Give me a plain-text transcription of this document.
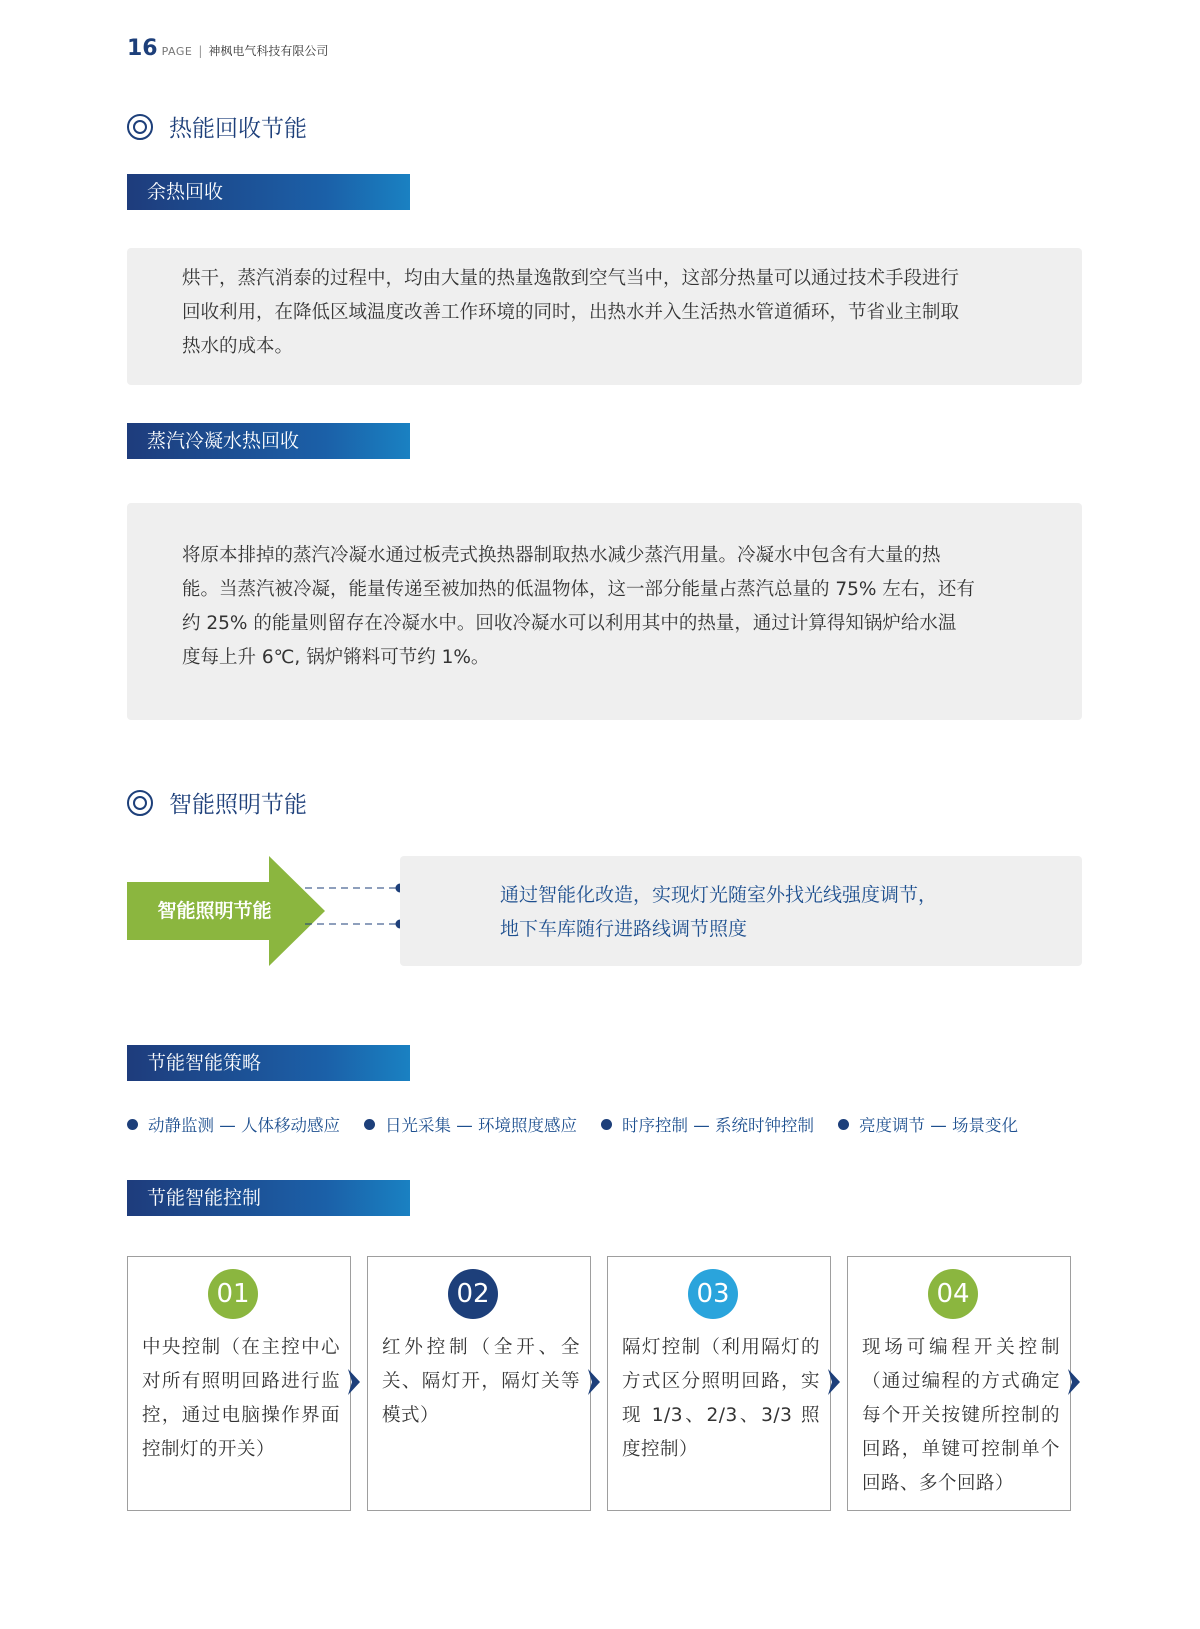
16 PAGE | 神枫电气科技有限公司
热能回收节能
余热回收
烘干，蒸汽消泰的过程中，均由大量的热量逸散到空气当中，这部分热量可以通过技术手段进行
回收利用，在降低区域温度改善工作环境的同时，出热水并入生活热水管道循环，节省业主制取
热水的成本。
蒸汽冷凝水热回收
将原本排掉的蒸汽冷凝水通过板壳式换热器制取热水减少蒸汽用量。冷凝水中包含有大量的热
能。当蒸汽被冷凝，能量传递至被加热的低温物体，这一部分能量占蒸汽总量的 75% 左右，还有
约 25% 的能量则留存在冷凝水中。回收冷凝水可以利用其中的热量，通过计算得知锅炉给水温
度每上升 6℃, 锅炉锵料可节约 1%。
智能照明节能
智能照明节能
通过智能化改造，实现灯光随室外找光线强度调节，
地下车库随行进路线调节照度
节能智能策略
动静监测 — 人体移动感应	日光采集 — 环境照度感应	时序控制 — 系统时钟控制	亮度调节 — 场景变化
节能智能控制
01
中央控制（在主控中心对所有照明回路进行监控，通过电脑操作界面控制灯的开关）
02
红外控制（全开、全关、隔灯开，隔灯关等模式）
03
隔灯控制（利用隔灯的方式区分照明回路，实现 1/3、2/3、3/3 照度控制）
04
现场可编程开关控制（通过编程的方式确定每个开关按键所控制的回路，单键可控制单个回路、多个回路）
